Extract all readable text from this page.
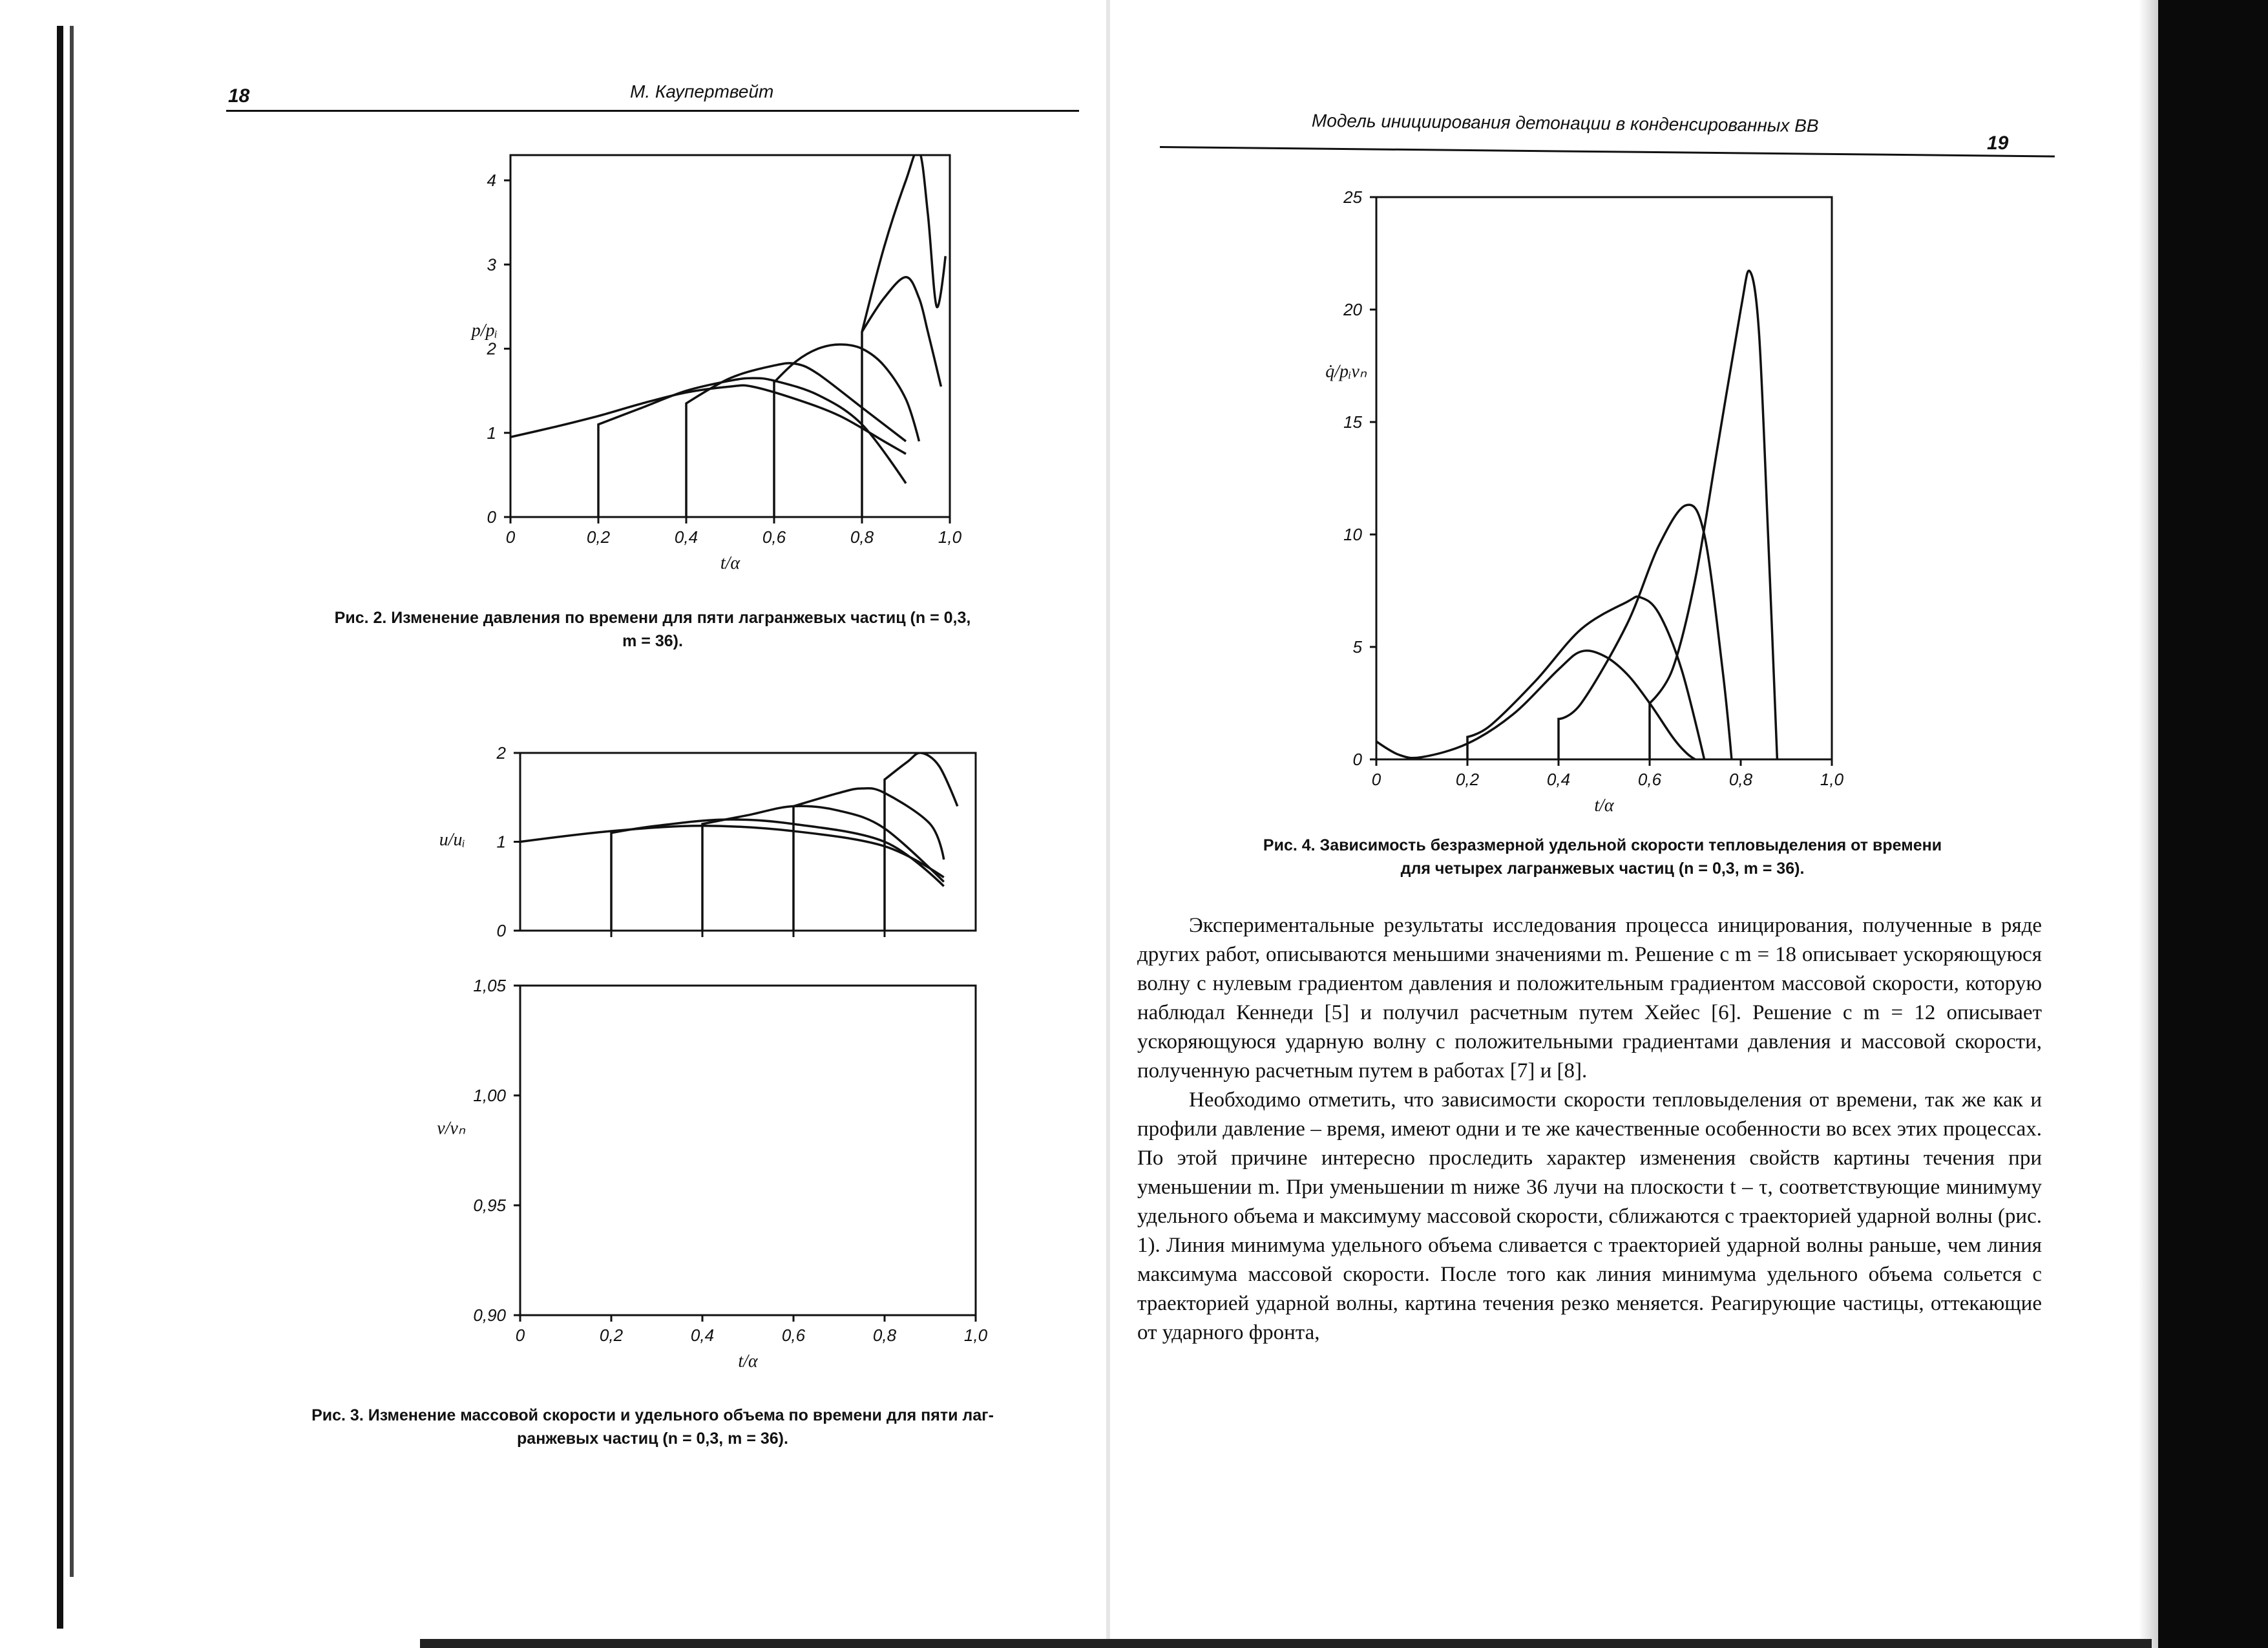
18	М. Каупертвейт
0
1
2
3
4
0	0,2	0,4	0,6	0,8	1,0
t/α
p/pᵢ
Рис. 2. Изменение давления по времени для пяти лагранжевых частиц (n = 0,3,
m = 36).
0
1
2
u/uᵢ
0,90
0,95
1,00
1,05
0	0,2	0,4	0,6	0,8	1,0
t/α
v/vₙ
Рис. 3. Изменение массовой скорости и удельного объема по времени для пяти лаг-
ранжевых частиц (n = 0,3, m = 36).
Модель инициирования детонации в конденсированных ВВ
19
0
5
10
15
20
25
0	0,2	0,4	0,6	0,8	1,0
t/α
q̇/pᵢvₙ
Рис. 4. Зависимость безразмерной удельной скорости тепловыделения от времени
для четырех лагранжевых частиц (n = 0,3, m = 36).

Экспериментальные результаты исследования процесса иницирования, полученные в ряде других работ, описываются меньшими значениями m. Решение с m = 18 описывает ускоряющуюся волну с нулевым градиентом давления и положительным градиентом массовой скорости, которую наблюдал Кеннеди [5] и получил расчетным путем Хейес [6]. Решение с m = 12 описывает ускоряющуюся ударную волну с положительными градиентами давления и массовой скорости, полученную расчетным путем в работах [7] и [8].

Необходимо отметить, что зависимости скорости тепловыделения от времени, так же как и профили давление – время, имеют одни и те же качественные особенности во всех этих процессах. По этой причине интересно проследить характер изменения свойств картины течения при уменьшении m. При уменьшении m ниже 36 лучи на плоскости t – τ, соответствующие минимуму удельного объема и максимуму массовой скорости, сближаются с траекторией ударной волны (рис. 1). Линия минимума удельного объема сливается с траекторией ударной волны раньше, чем линия максимума массовой скорости. После того как линия минимума удельного объема сольется с траекторией ударной волны, картина течения резко меняется. Реагирующие частицы, оттекающие от ударного фронта,
